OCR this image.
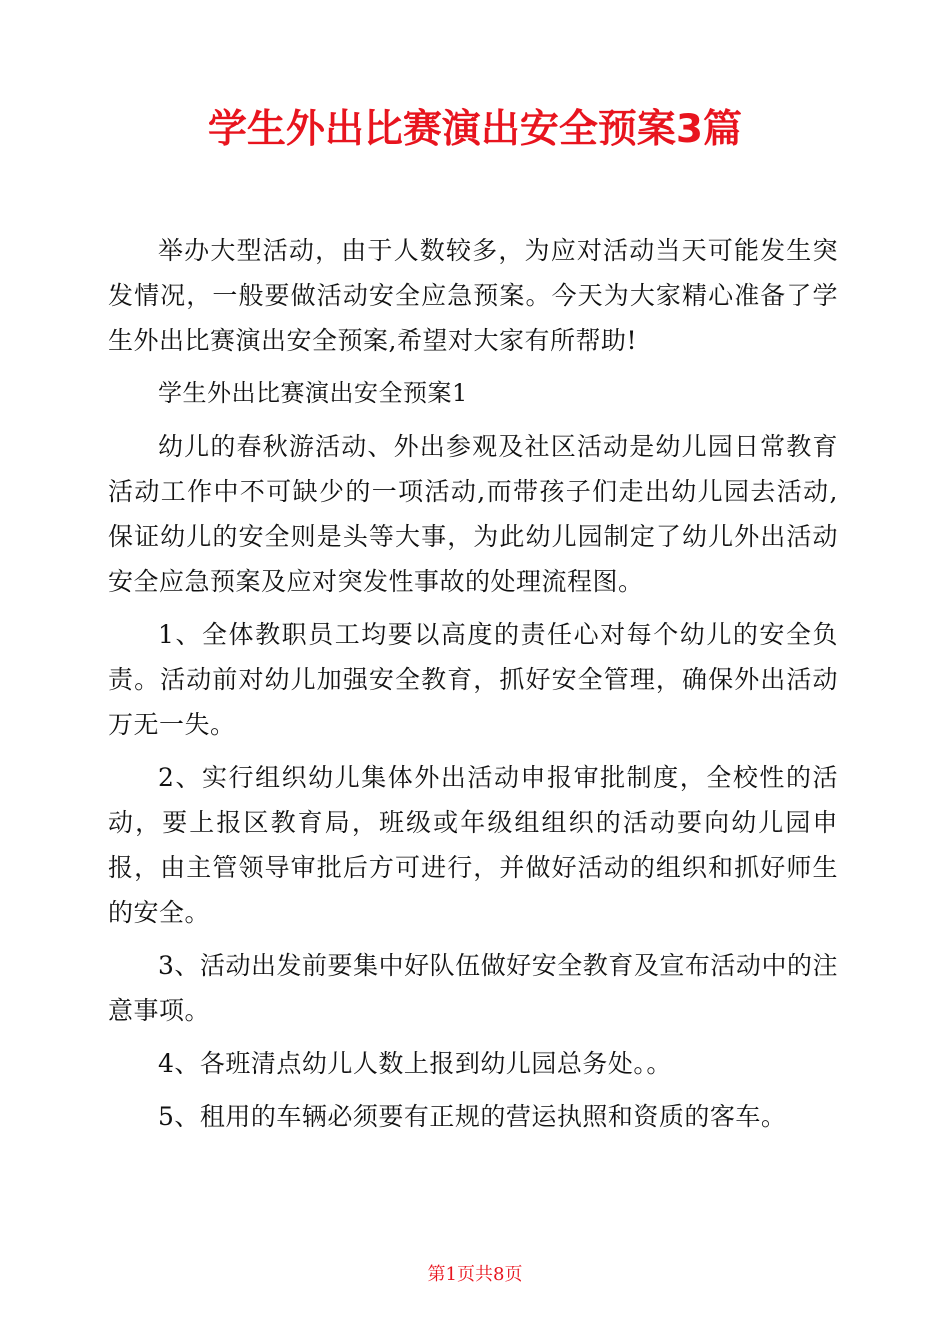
学生外出比赛演出安全预案3篇

举办大型活动，由于人数较多，为应对活动当天可能发生突发情况，一般要做活动安全应急预案。今天为大家精心准备了学生外出比赛演出安全预案,希望对大家有所帮助!

学生外出比赛演出安全预案1

幼儿的春秋游活动、外出参观及社区活动是幼儿园日常教育活动工作中不可缺少的一项活动,而带孩子们走出幼儿园去活动,保证幼儿的安全则是头等大事，为此幼儿园制定了幼儿外出活动安全应急预案及应对突发性事故的处理流程图。

1、全体教职员工均要以高度的责任心对每个幼儿的安全负责。活动前对幼儿加强安全教育，抓好安全管理，确保外出活动万无一失。

2、实行组织幼儿集体外出活动申报审批制度，全校性的活动，要上报区教育局，班级或年级组组织的活动要向幼儿园申报，由主管领导审批后方可进行，并做好活动的组织和抓好师生的安全。

3、活动出发前要集中好队伍做好安全教育及宣布活动中的注意事项。

4、各班清点幼儿人数上报到幼儿园总务处。。

5、租用的车辆必须要有正规的营运执照和资质的客车。

第1页共8页
